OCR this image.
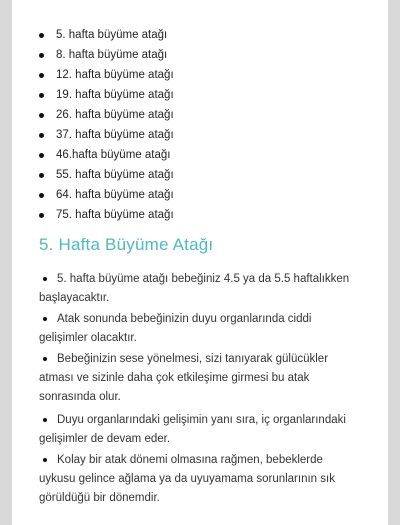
5. hafta büyüme atağı
8. hafta büyüme atağı
12. hafta büyüme atağı
19. hafta büyüme atağı
26. hafta büyüme atağı
37. hafta büyüme atağı
46.hafta büyüme atağı
55. hafta büyüme atağı
64. hafta büyüme atağı
75. hafta büyüme atağı
5. Hafta Büyüme Atağı
5. hafta büyüme atağı bebeğiniz 4.5 ya da 5.5 haftalıkken başlayacaktır.
Atak sonunda bebeğinizin duyu organlarında ciddi gelişimler olacaktır.
Bebeğinizin sese yönelmesi, sizi tanıyarak gülücükler atması ve sizinle daha çok etkileşime girmesi bu atak sonrasında olur.
Duyu organlarındaki gelişimin yanı sıra, iç organlarındaki gelişimler de devam eder.
Kolay bir atak dönemi olmasına rağmen, bebeklerde uykusu gelince ağlama ya da uyuyamama sorunlarının sık görüldüğü bir dönemdir.
